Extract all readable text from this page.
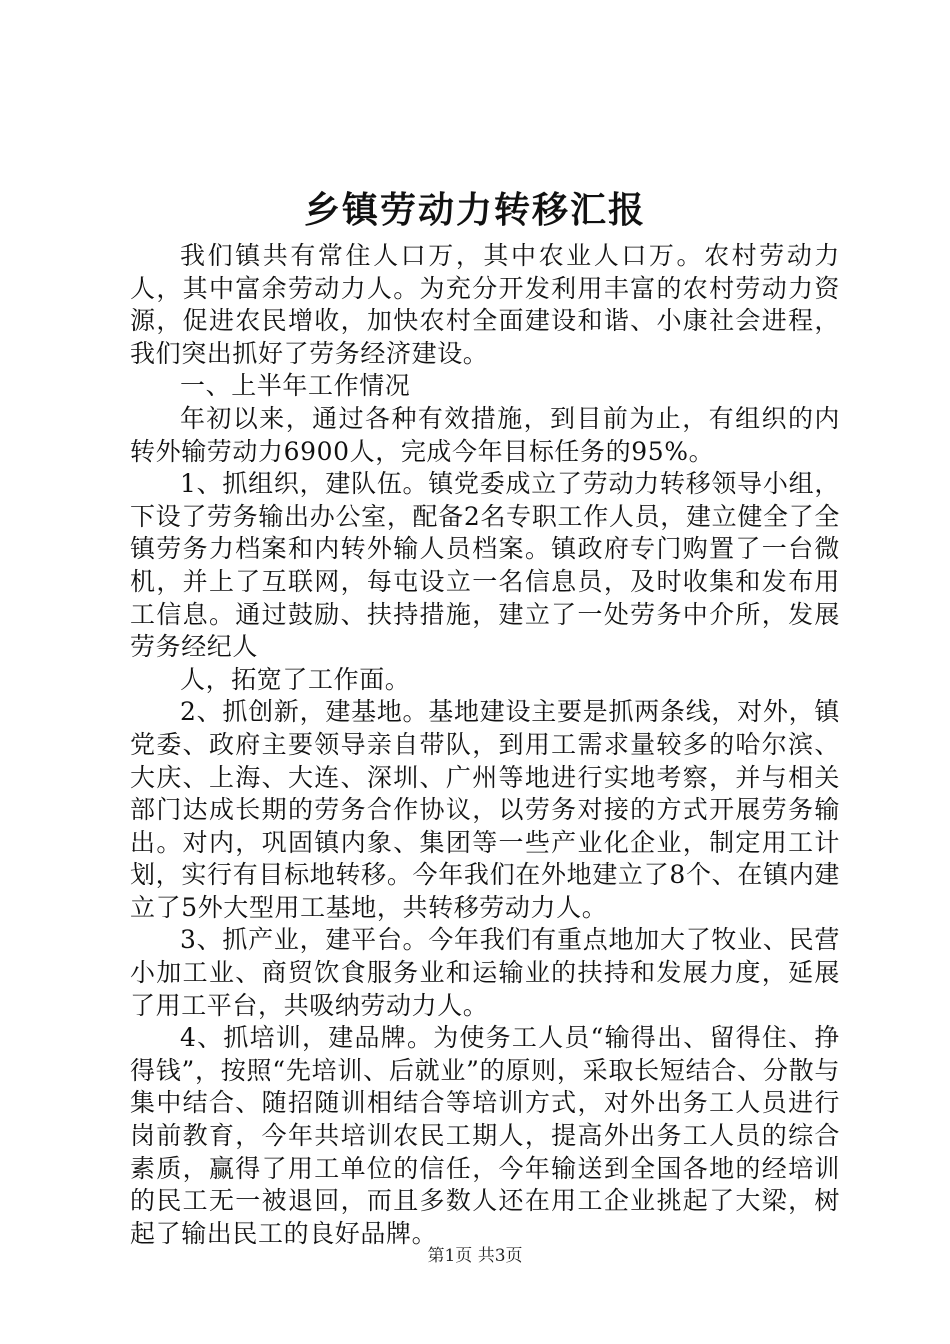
乡镇劳动力转移汇报

我们镇共有常住人口万，其中农业人口万。农村劳动力人，其中富余劳动力人。为充分开发利用丰富的农村劳动力资源，促进农民增收，加快农村全面建设和谐、小康社会进程，我们突出抓好了劳务经济建设。

一、上半年工作情况

年初以来，通过各种有效措施，到目前为止，有组织的内转外输劳动力6900人，完成今年目标任务的95%。

1、抓组织，建队伍。镇党委成立了劳动力转移领导小组，下设了劳务输出办公室，配备2名专职工作人员，建立健全了全镇劳务力档案和内转外输人员档案。镇政府专门购置了一台微机，并上了互联网，每屯设立一名信息员，及时收集和发布用工信息。通过鼓励、扶持措施，建立了一处劳务中介所，发展劳务经纪人

人，拓宽了工作面。

2、抓创新，建基地。基地建设主要是抓两条线，对外，镇党委、政府主要领导亲自带队，到用工需求量较多的哈尔滨、大庆、上海、大连、深圳、广州等地进行实地考察，并与相关部门达成长期的劳务合作协议，以劳务对接的方式开展劳务输出。对内，巩固镇内象、集团等一些产业化企业，制定用工计划，实行有目标地转移。今年我们在外地建立了8个、在镇内建立了5外大型用工基地，共转移劳动力人。

3、抓产业，建平台。今年我们有重点地加大了牧业、民营小加工业、商贸饮食服务业和运输业的扶持和发展力度，延展了用工平台，共吸纳劳动力人。

4、抓培训，建品牌。为使务工人员“输得出、留得住、挣得钱”，按照“先培训、后就业”的原则，采取长短结合、分散与集中结合、随招随训相结合等培训方式，对外出务工人员进行岗前教育，今年共培训农民工期人，提高外出务工人员的综合素质，赢得了用工单位的信任，今年输送到全国各地的经培训的民工无一被退回，而且多数人还在用工企业挑起了大梁，树起了输出民工的良好品牌。

第1页 共3页
